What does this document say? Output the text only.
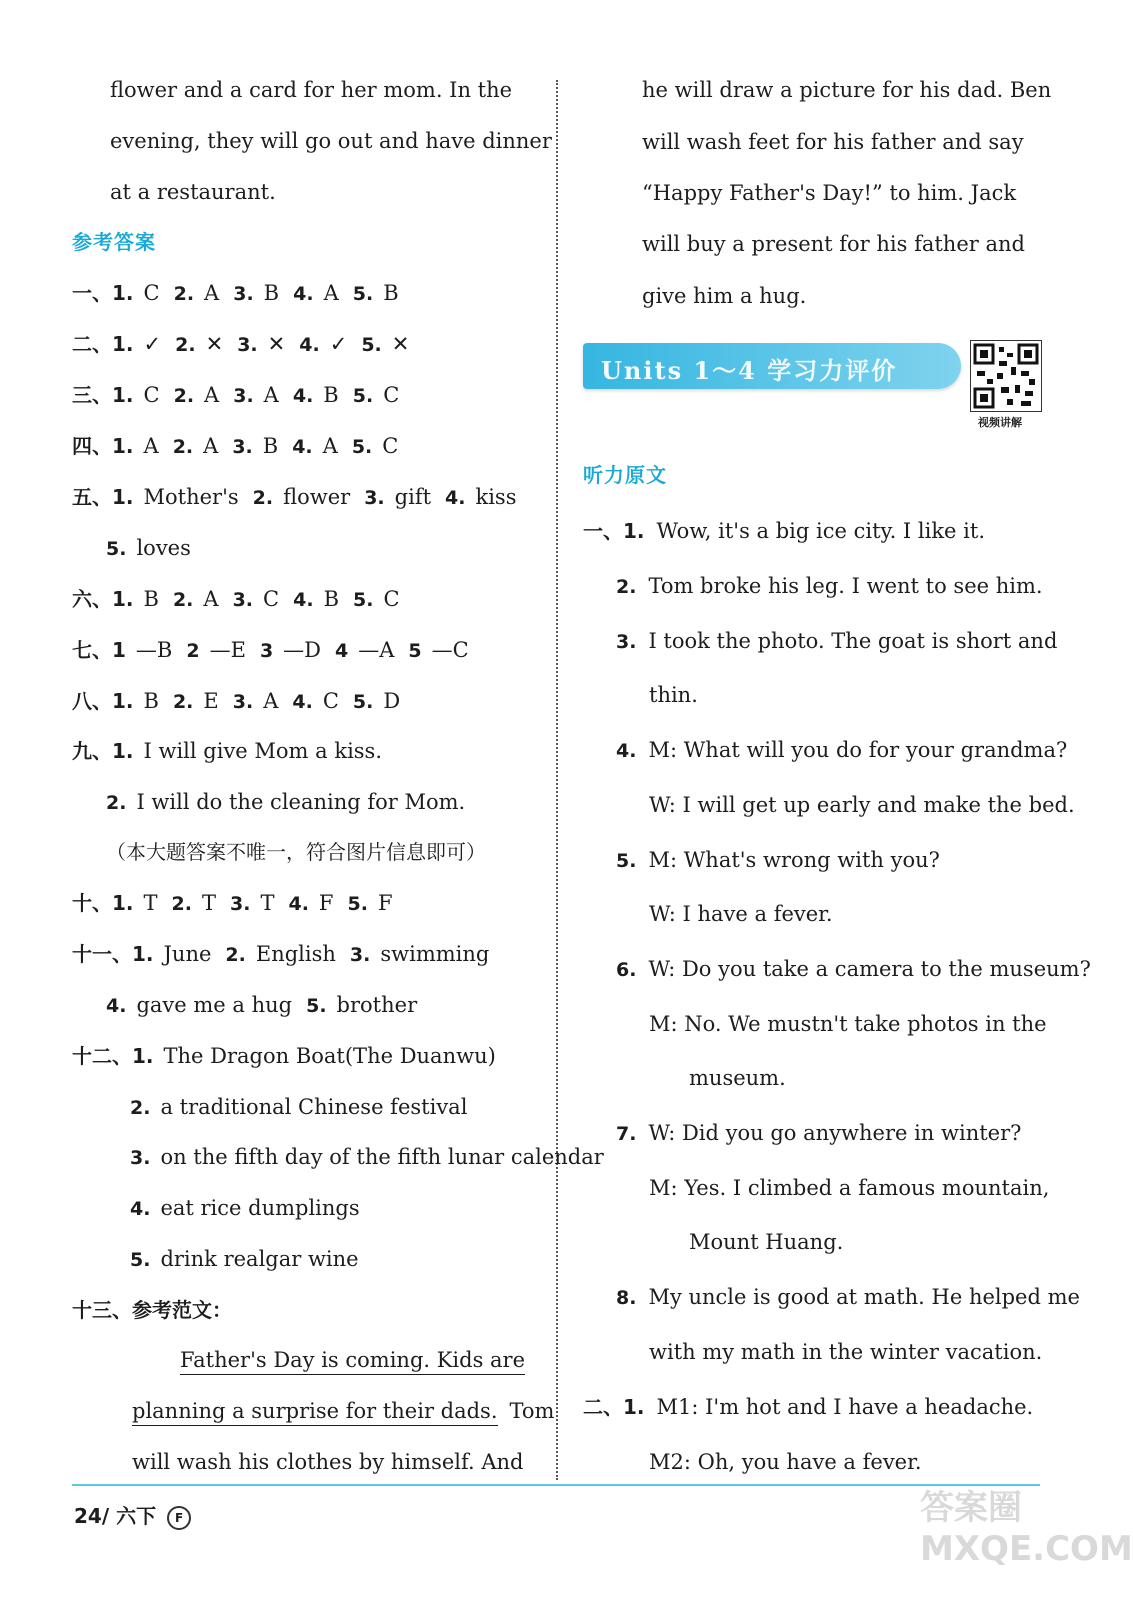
flower and a card for her mom. In the
evening, they will go out and have dinner
at a restaurant.
参考答案
一、1. C 2. A 3. B 4. A 5. B
二、1. ✓ 2. ✕ 3. ✕ 4. ✓ 5. ✕
三、1. C 2. A 3. A 4. B 5. C
四、1. A 2. A 3. B 4. A 5. C
五、1. Mother's 2. flower 3. gift 4. kiss
5. loves
六、1. B 2. A 3. C 4. B 5. C
七、1 —B 2 —E 3 —D 4 —A 5 —C
八、1. B 2. E 3. A 4. C 5. D
九、1. I will give Mom a kiss.
2. I will do the cleaning for Mom.
（本大题答案不唯一，符合图片信息即可）
十、1. T 2. T 3. T 4. F 5. F
十一、1. June 2. English 3. swimming
4. gave me a hug 5. brother
十二、1. The Dragon Boat(The Duanwu)
2. a traditional Chinese festival
3. on the fifth day of the fifth lunar calendar
4. eat rice dumplings
5. drink realgar wine
十三、参考范文：
Father's Day is coming. Kids are
planning a surprise for their dads. Tom
will wash his clothes by himself. And
he will draw a picture for his dad. Ben
will wash feet for his father and say
“Happy Father's Day!” to him. Jack
will buy a present for his father and
give him a hug.
听力原文
一、1. Wow, it's a big ice city. I like it.
2. Tom broke his leg. I went to see him.
3. I took the photo. The goat is short and
thin.
4. M: What will you do for your grandma?
W: I will get up early and make the bed.
5. M: What's wrong with you?
W: I have a fever.
6. W: Do you take a camera to the museum?
M: No. We mustn't take photos in the
museum.
7. W: Did you go anywhere in winter?
M: Yes. I climbed a famous mountain,
Mount Huang.
8. My uncle is good at math. He helped me
with my math in the winter vacation.
二、1. M1: I'm hot and I have a headache.
M2: Oh, you have a fever.
Units 1～4 学习力评价
视频讲解
24/ 六下 F	答案圈 MXQE.COM
